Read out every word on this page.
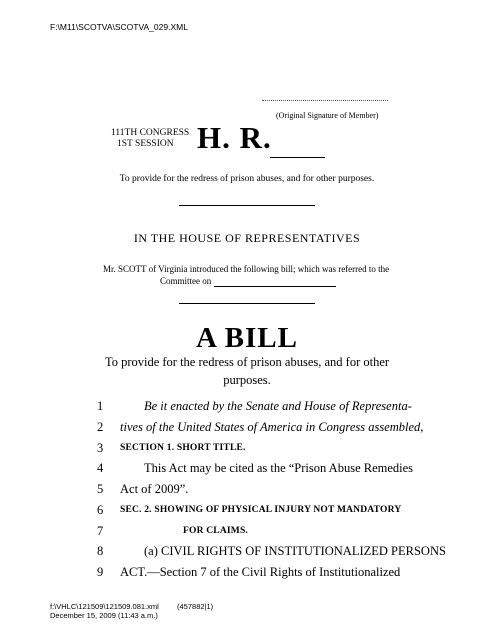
F:\M11\SCOTVA\SCOTVA_029.XML
(Original Signature of Member)
111TH CONGRESS
1ST SESSION H. R.
To provide for the redress of prison abuses, and for other purposes.
IN THE HOUSE OF REPRESENTATIVES
Mr. SCOTT of Virginia introduced the following bill; which was referred to the
Committee on
A BILL
To provide for the redress of prison abuses, and for other
purposes.
1	Be it enacted by the Senate and House of Representa-
2	tives of the United States of America in Congress assembled,
3	SECTION 1. SHORT TITLE.
4	This Act may be cited as the “Prison Abuse Remedies
5	Act of 2009”.
6	SEC. 2. SHOWING OF PHYSICAL INJURY NOT MANDATORY
7	FOR CLAIMS.
8	(a) CIVIL RIGHTS OF INSTITUTIONALIZED PERSONS
9	ACT.—Section 7 of the Civil Rights of Institutionalized
f:\VHLC\121509\121509.081.xml (457882|1)
December 15, 2009 (11:43 a.m.)
